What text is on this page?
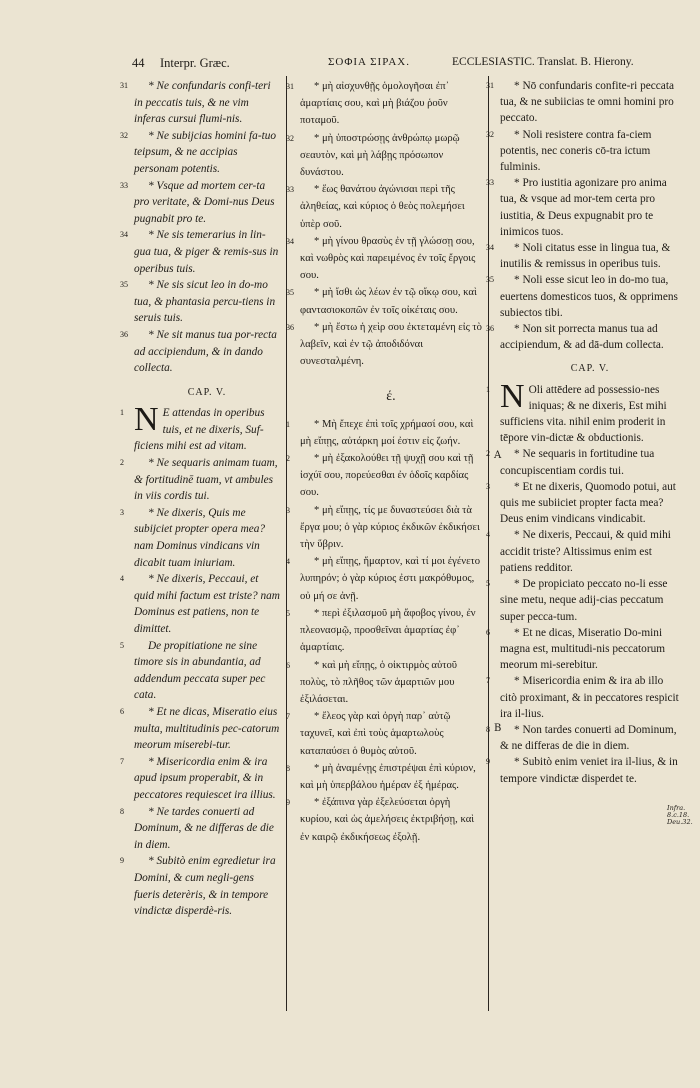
44 Interpr. Græc.	ΣΟΦΙΑ ΣΙΡΑΧ.	ECCLESIASTIC. Translat. B. Hierony.
31	* Ne confundaris confi-teri in peccatis tuis, & ne vim inferas cursui flumi-nis.

32	* Ne subijcias homini fa-tuo teipsum, & ne accipias personam potentis.

33	* Vsque ad mortem cer-ta pro veritate, & Domi-nus Deus pugnabit pro te.

34	* Ne sis temerarius in lin-gua tua, & piger & remis-sus in operibus tuis.

35	* Ne sis sicut leo in do-mo tua, & phantasia percu-tiens in seruis tuis.

36	* Ne sit manus tua por-recta ad accipiendum, & in dando collecta.

CAP. V.
1 N E attendas in operibus tuis, et ne dixeris, Suf-ficiens mihi est ad vitam.

2	* Ne sequaris animam tuam, & fortitudinē tuam, vt ambules in viis cordis tui.

3	* Ne dixeris, Quis me subijciet propter opera mea? nam Dominus vindicans vin dicabit tuam iniuriam.

4	* Ne dixeris, Peccaui, et quid mihi factum est triste? nam Dominus est patiens, non te dimittet.

5	De propitiatione ne sine timore sis in abundantia, ad addendum peccata super pec cata.

6	* Et ne dicas, Miseratio eius multa, multitudinis pec-catorum meorum miserebi-tur.

7	* Misericordia enim & ira apud ipsum properabit, & in peccatores requiescet ira illius.

8	* Ne tardes conuerti ad Dominum, & ne differas de die in diem.

9	* Subitò enim egredietur ira Domini, & cum negli-gens fueris deterèris, & in tempore vindictæ disperdè-ris.

31	* μὴ αἰσχυνθῇς ὁμολογῆσαι ἐπ᾽ ἁμαρτίαις σου, καὶ μὴ βιάζου ῥοῦν ποταμοῦ.

32	* μὴ ὑποστρώσῃς ἀνθρώπῳ μωρῷ σεαυτὸν, καὶ μὴ λάβῃς πρόσωπον δυνάστου.

33	* ἕως θανάτου ἀγώνισαι περὶ τῆς ἀληθείας, καὶ κύριος ὁ θεὸς πολεμήσει ὑπὲρ σοῦ.

34	* μὴ γίνου θρασὺς ἐν τῇ γλώσσῃ σου, καὶ νωθρὸς καὶ παρειμένος ἐν τοῖς ἔργοις σου.

35	* μὴ ἴσθι ὡς λέων ἐν τῷ οἴκῳ σου, καὶ φαντασιοκοπῶν ἐν τοῖς οἰκέταις σου.

36	* μὴ ἔστω ἡ χεὶρ σου ἐκτεταμένη εἰς τὸ λαβεῖν, καὶ ἐν τῷ ἀποδιδόναι συνεσταλμένη.

έ.
1	* Μὴ ἔπεχε ἐπὶ τοῖς χρήμασί σου, καὶ μὴ εἴπῃς, αὐτάρκη μοί ἐστιν εἰς ζωήν.

2	* μὴ ἐξακολούθει τῇ ψυχῇ σου καὶ τῇ ἰσχύϊ σου, πορεύεσθαι ἐν ὁδοῖς καρδίας σου.

3	* μὴ εἴπῃς, τίς με δυναστεύσει διὰ τὰ ἔργα μου; ὁ γὰρ κύριος ἐκδικῶν ἐκδικήσει τὴν ὕβριν.

4	* μὴ εἴπῃς, ἥμαρτον, καὶ τί μοι ἐγένετο λυπηρόν; ὁ γὰρ κύριος ἐστι μακρόθυμος, οὐ μή σε ἀνῇ.

5	* περὶ ἐξιλασμοῦ μὴ ἄφοβος γίνου, ἐν πλεονασμῷ, προσθεῖναι ἁμαρτίας ἐφ᾽ ἁμαρτίαις.

6	* καὶ μὴ εἴπῃς, ὁ οἰκτιρμὸς αὐτοῦ πολὺς, τὸ πλῆθος τῶν ἁμαρτιῶν μου ἐξιλάσεται.

7	* ἔλεος γὰρ καὶ ὀργὴ παρ᾽ αὐτῷ ταχυνεῖ, καὶ ἐπὶ τοὺς ἁμαρτωλοὺς καταπαύσει ὁ θυμὸς αὐτοῦ.

8	* μὴ ἀναμένῃς ἐπιστρέψαι ἐπὶ κύριον, καὶ μὴ ὑπερβάλου ἡμέραν ἐξ ἡμέρας.

9	* ἐξάπινα γὰρ ἐξελεύσεται ὀργὴ κυρίου, καὶ ὡς ἀμελήσεις ἐκτριβήσῃ, καὶ ἐν καιρῷ ἐκδικήσεως ἐξολῇ.

31	* Nō confundaris confite-ri peccata tua, & ne subiicias te omni homini pro peccato.

32	* Noli resistere contra fa-ciem potentis, nec coneris cō-tra ictum fulminis.

33	* Pro iustitia agonizare pro anima tua, & vsque ad mor-tem certa pro iustitia, & Deus expugnabit pro te inimicos tuos.

34	* Noli citatus esse in lingua tua, & inutilis & remissus in operibus tuis.

35	* Noli esse sicut leo in do-mo tua, euertens domesticos tuos, & opprimens subiectos tibi.

36	* Non sit porrecta manus tua ad accipiendum, & ad dā-dum collecta.

CAP. V.
1 N Oli attēdere ad possessio-nes iniquas; & ne dixeris, Est mihi sufficiens vita. nihil enim proderit in tēpore vin-dictæ & obductionis.

2	* Ne sequaris in fortitudine tua concupiscentiam cordis tui.

3	* Et ne dixeris, Quomodo potui, aut quis me subiiciet propter facta mea? Deus enim vindicans vindicabit.

4	* Ne dixeris, Peccaui, & quid mihi accidit triste? Altissimus enim est patiens redditor.

5	* De propiciato peccato no-li esse sine metu, neque adij-cias peccatum super pecca-tum.

6	* Et ne dicas, Miseratio Do-mini magna est, multitudi-nis peccatorum meorum mi-serebitur.

7	* Misericordia enim & ira ab illo citò proximant, & in peccatores respicit ira il-lius.

8	* Non tardes conuerti ad Dominum, & ne differas de die in diem.

9	* Subitò enim veniet ira il-lius, & in tempore vindictæ disperdet te.

A
B
Infra. 8.c.18. Deu.32.
